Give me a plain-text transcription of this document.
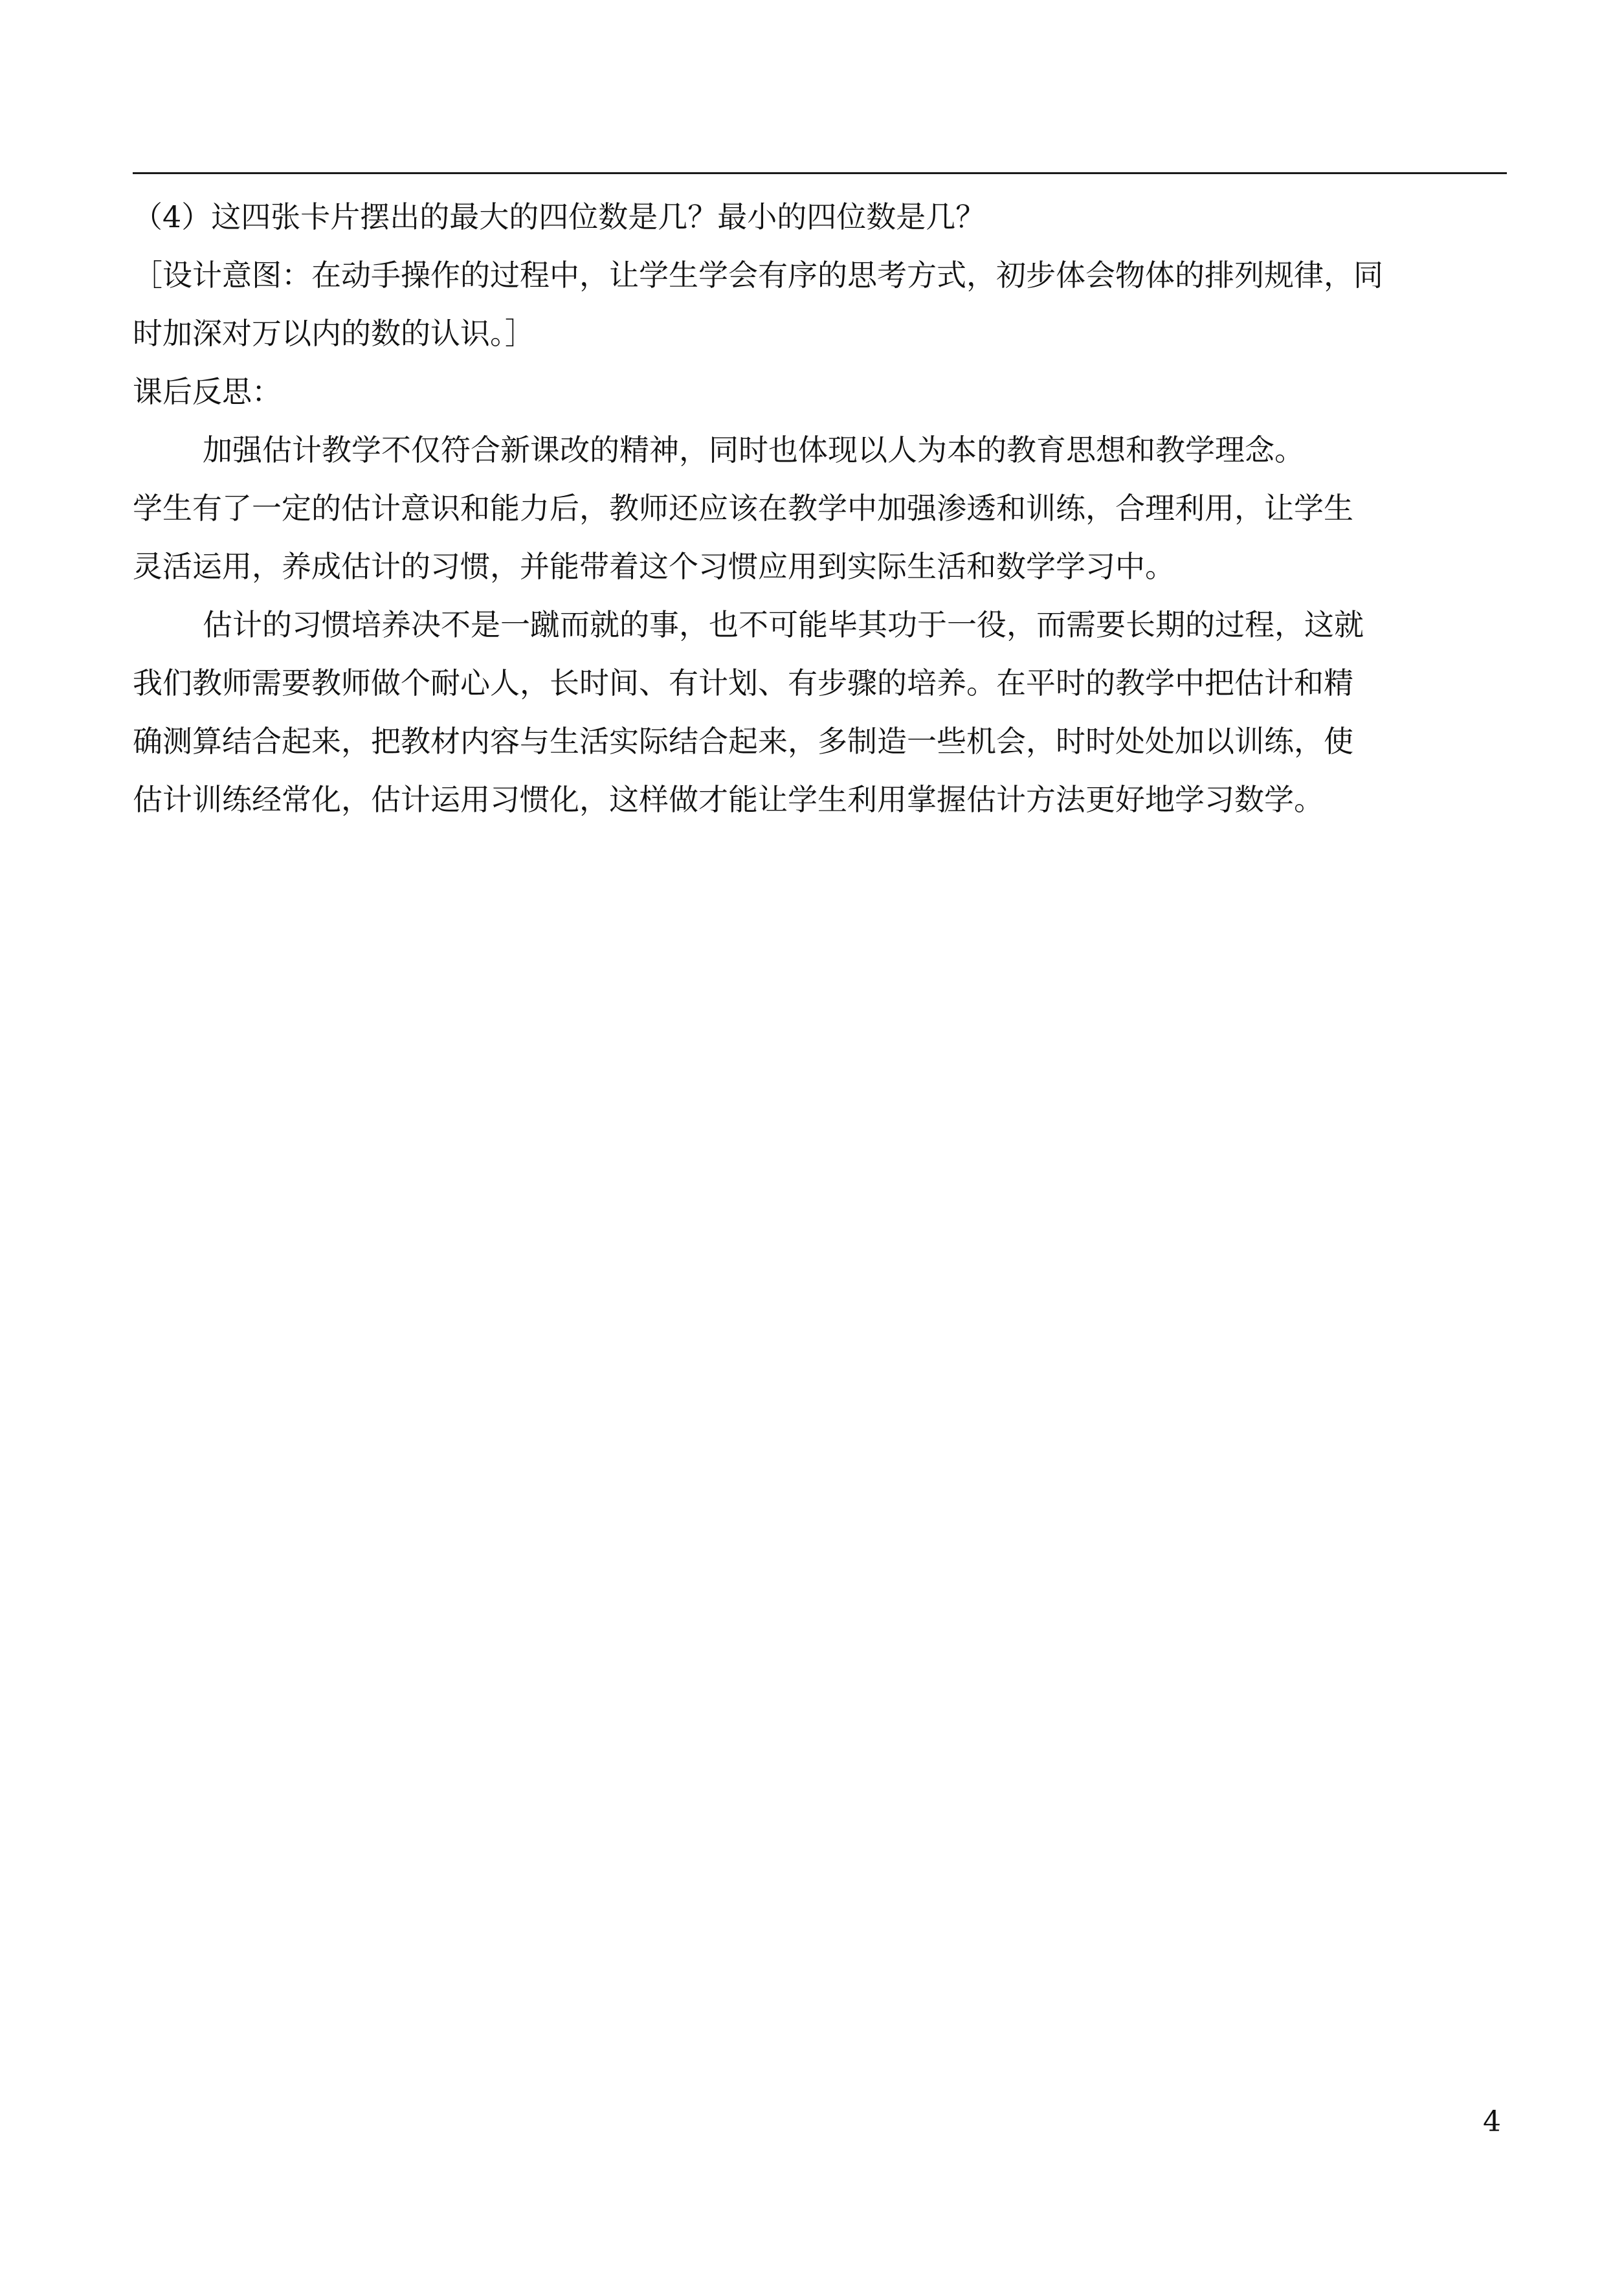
（4）这四张卡片摆出的最大的四位数是几？最小的四位数是几？
［设计意图：在动手操作的过程中，让学生学会有序的思考方式，初步体会物体的排列规律，同
时加深对万以内的数的认识。］
课后反思：
加强估计教学不仅符合新课改的精神，同时也体现以人为本的教育思想和教学理念。
学生有了一定的估计意识和能力后，教师还应该在教学中加强渗透和训练，合理利用，让学生
灵活运用，养成估计的习惯，并能带着这个习惯应用到实际生活和数学学习中。
估计的习惯培养决不是一蹴而就的事，也不可能毕其功于一役，而需要长期的过程，这就
我们教师需要教师做个耐心人，长时间、有计划、有步骤的培养。在平时的教学中把估计和精
确测算结合起来，把教材内容与生活实际结合起来，多制造一些机会，时时处处加以训练，使
估计训练经常化，估计运用习惯化，这样做才能让学生利用掌握估计方法更好地学习数学。
4
